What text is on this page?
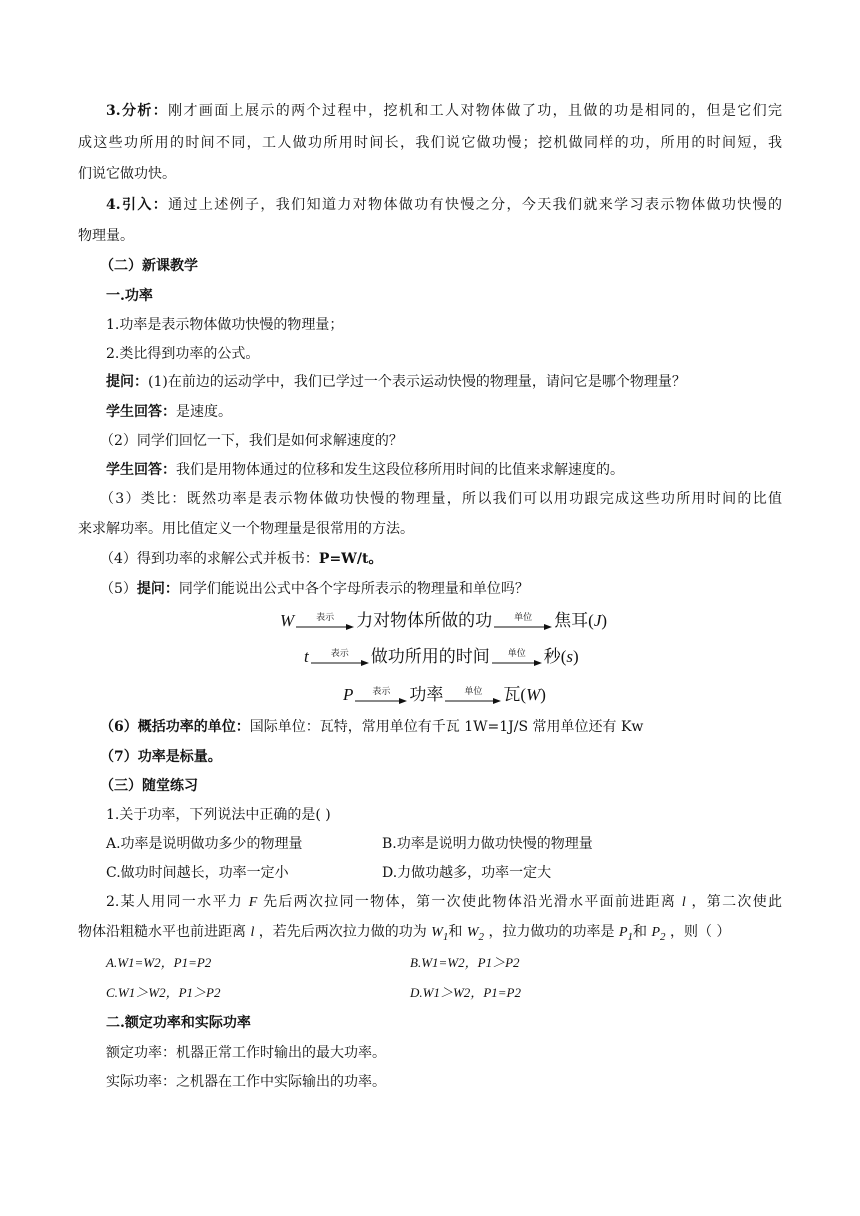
3.分析：刚才画面上展示的两个过程中，挖机和工人对物体做了功，且做的功是相同的，但是它们完
成这些功所用的时间不同，工人做功所用时间长，我们说它做功慢；挖机做同样的功，所用的时间短，我
们说它做功快。
4.引入：通过上述例子，我们知道力对物体做功有快慢之分，今天我们就来学习表示物体做功快慢的
物理量。
（二）新课教学
一.功率
1.功率是表示物体做功快慢的物理量；
2.类比得到功率的公式。
提问：(1)在前边的运动学中，我们已学过一个表示运动快慢的物理量，请问它是哪个物理量？
学生回答：是速度。
（2）同学们回忆一下，我们是如何求解速度的？
学生回答：我们是用物体通过的位移和发生这段位移所用时间的比值来求解速度的。
（3）类比：既然功率是表示物体做功快慢的物理量，所以我们可以用功跟完成这些功所用时间的比值
来求解功率。用比值定义一个物理量是很常用的方法。
（4）得到功率的求解公式并板书：P=W/t。
（5）提问：同学们能说出公式中各个字母所表示的物理量和单位吗？
W 表示 力对物体所做的功 单位 焦耳 ( J )
t 表示 做功所用的时间 单位 秒 ( s )
P 表示 功率 单位 瓦 ( W )
（6）概括功率的单位：国际单位：瓦特，常用单位有千瓦 1W=1J/S 常用单位还有 Kw
（7）功率是标量。
（三）随堂练习
1.关于功率，下列说法中正确的是( )
A.功率是说明做功多少的物理量	B.功率是说明力做功快慢的物理量
C.做功时间越长，功率一定小	D.力做功越多，功率一定大
2.某人用同一水平力 F 先后两次拉同一物体，第一次使此物体沿光滑水平面前进距离 l ，第二次使此
物体沿粗糙水平也前进距离 l ，若先后两次拉力做的功为 $W_1$和 $W_2$ ，拉力做功的功率是 $P_1$和 $P_2$ ，则（ ）
A.W1=W2，P1=P2	B.W1=W2，P1＞P2
C.W1＞W2，P1＞P2	D.W1＞W2，P1=P2
二.额定功率和实际功率
额定功率：机器正常工作时输出的最大功率。
实际功率：之机器在工作中实际输出的功率。
